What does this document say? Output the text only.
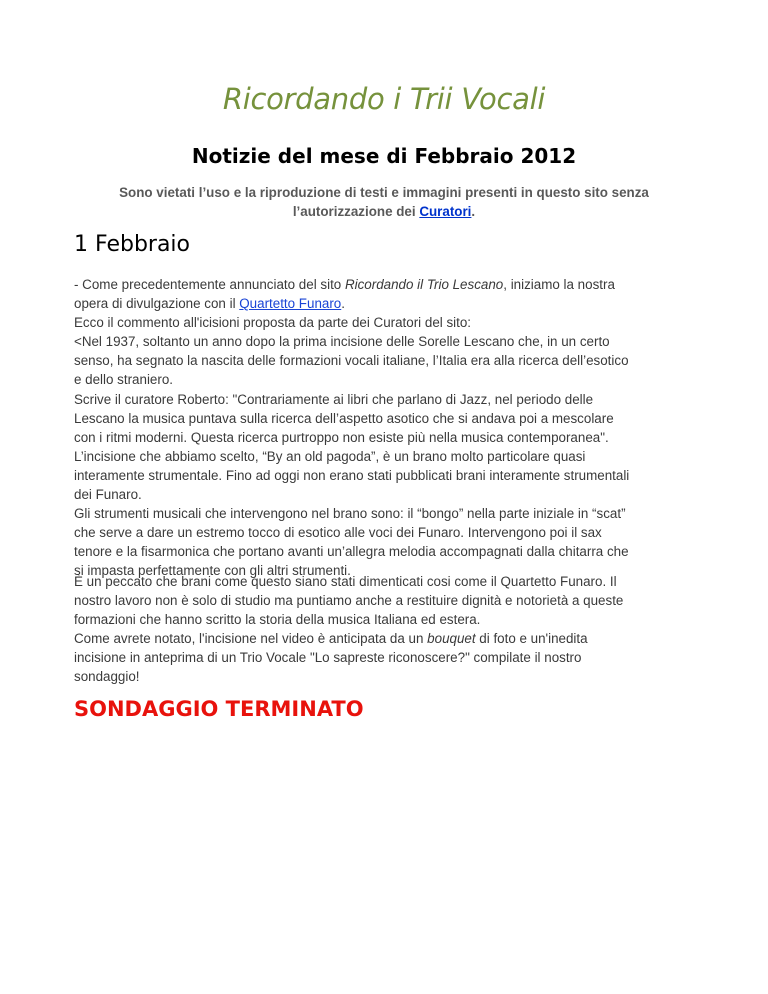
Ricordando i Trii Vocali
Notizie del mese di Febbraio 2012

Sono vietati l’uso e la riproduzione di testi e immagini presenti in questo sito senza l’autorizzazione dei Curatori.

1 Febbraio
- Come precedentemente annunciato del sito Ricordando il Trio Lescano, iniziamo la nostra
opera di divulgazione con il Quartetto Funaro.
Ecco il commento all'icisioni proposta da parte dei Curatori del sito:
<Nel 1937, soltanto un anno dopo la prima incisione delle Sorelle Lescano che, in un certo
senso, ha segnato la nascita delle formazioni vocali italiane, l’Italia era alla ricerca dell’esotico
e dello straniero.
Scrive il curatore Roberto: "Contrariamente ai libri che parlano di Jazz, nel periodo delle
Lescano la musica puntava sulla ricerca dell’aspetto asotico che si andava poi a mescolare
con i ritmi moderni. Questa ricerca purtroppo non esiste più nella musica contemporanea".
L’incisione che abbiamo scelto, “By an old pagoda”, è un brano molto particolare quasi
interamente strumentale. Fino ad oggi non erano stati pubblicati brani interamente strumentali
dei Funaro.
Gli strumenti musicali che intervengono nel brano sono: il “bongo” nella parte iniziale in “scat”
che serve a dare un estremo tocco di esotico alle voci dei Funaro. Intervengono poi il sax
tenore e la fisarmonica che portano avanti un’allegra melodia accompagnati dalla chitarra che
si impasta perfettamente con gli altri strumenti.
È un peccato che brani come questo siano stati dimenticati cosi come il Quartetto Funaro. Il
nostro lavoro non è solo di studio ma puntiamo anche a restituire dignità e notorietà a queste
formazioni che hanno scritto la storia della musica Italiana ed estera.
Come avrete notato, l'incisione nel video è anticipata da un bouquet di foto e un'inedita
incisione in anteprima di un Trio Vocale "Lo sapreste riconoscere?" compilate il nostro
sondaggio!
SONDAGGIO TERMINATO
